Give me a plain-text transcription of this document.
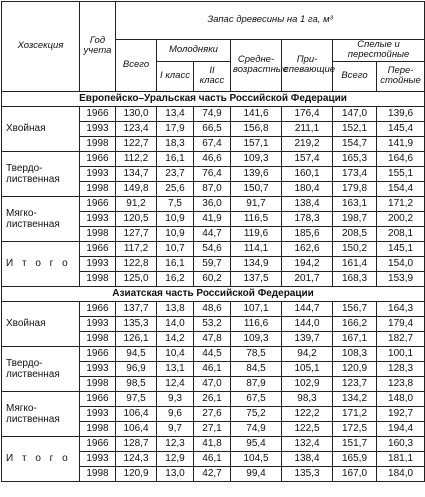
Хозсекция	Год учета	Запас древесины на 1 га, м³						
		Всего	Молодняки		Средне-возрастные	При-спевающие	Спелые и перестойные	
			I класс	II класс			Всего	Пере-стойные
Европейско–Уральская часть Российской Федерации								
Хвойная	1966	130,0	13,4	74,9	141,6	176,4	147,0	139,6
	1993	123,4	17,9	66,5	156,8	211,1	152,1	145,4
	1998	122,7	18,3	67,4	157,1	219,2	154,7	141,9
Твердо-лиственная	1966	112,2	16,1	46,6	109,3	157,4	165,3	164,6
	1993	134,7	23,7	76,4	139,6	160,1	173,4	155,1
	1998	149,8	25,6	87,0	150,7	180,4	179,8	154,4
Мягко-лиственная	1966	91,2	7,5	36,0	91,7	138,4	163,1	171,2
	1993	120,5	10,9	41,9	116,5	178,3	198,7	200,2
	1998	127,7	10,9	44,7	119,6	185,6	208,5	208,1
И т о г о	1966	117,2	10,7	54,6	114,1	162,6	150,2	145,1
	1993	122,8	16,1	59,7	134,9	194,2	161,4	154,0
	1998	125,0	16,2	60,2	137,5	201,7	168,3	153,9
Азиатская часть Российской Федерации								
Хвойная	1966	137,7	13,8	48,6	107,1	144,7	156,7	164,3
	1993	135,3	14,0	53,2	116,6	144,0	166,2	179,4
	1998	126,1	14,2	47,8	109,3	139,7	167,1	182,7
Твердо-лиственная	1966	94,5	10,4	44,5	78,5	94,2	108,3	100,1
	1993	96,9	13,1	46,1	84,5	105,1	120,9	128,3
	1998	98,5	12,4	47,0	87,9	102,9	123,7	123,8
Мягко-лиственная	1966	97,5	9,3	26,1	67,5	98,3	134,2	148,0
	1993	106,4	9,6	27,6	75,2	122,2	171,2	192,7
	1998	106,4	9,7	27,1	74,9	122,5	172,5	194,4
И т о г о	1966	128,7	12,3	41,8	95,4	132,4	151,7	160,3
	1993	124,3	12,9	46,1	104,5	138,4	165,9	181,1
	1998	120,9	13,0	42,7	99,4	135,3	167,0	184,0
